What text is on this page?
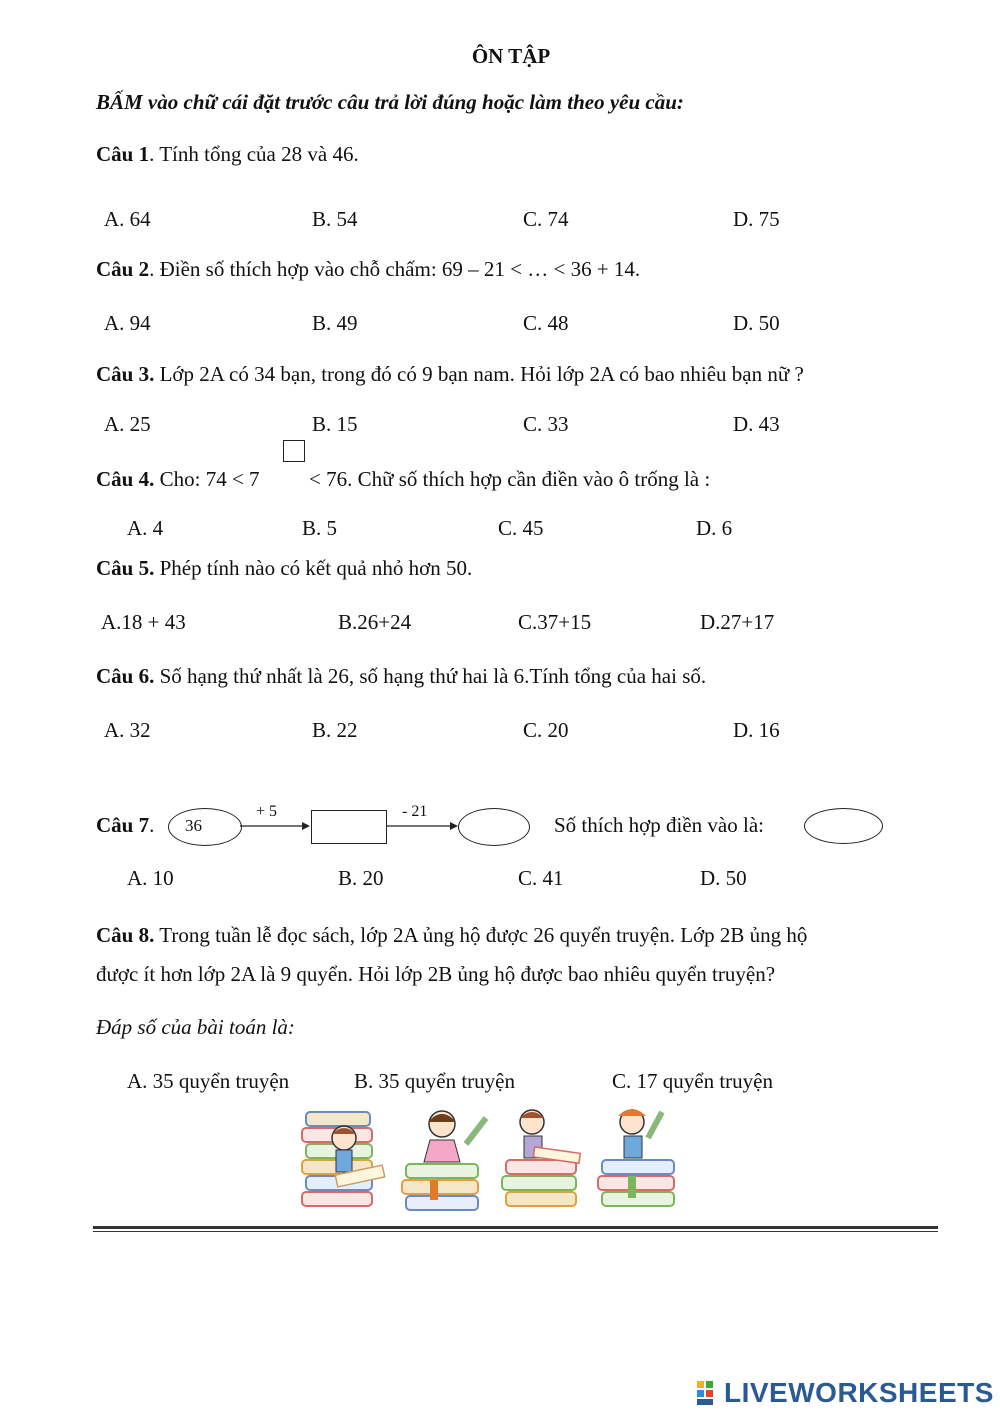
ÔN TẬP
BẤM vào chữ cái đặt trước câu trả lời đúng hoặc làm theo yêu cầu:
Câu 1. Tính tổng của 28 và 46.
A. 64	B. 54	C. 74	D. 75
Câu 2. Điền số thích hợp vào chỗ chấm: 69 – 21 < … < 36 + 14.
A. 94	B. 49	C. 48	D. 50
Câu 3. Lớp 2A có 34 bạn, trong đó có 9 bạn nam. Hỏi lớp 2A có bao nhiêu bạn nữ ?
A. 25	B. 15	C. 33	D. 43
Câu 4. Cho: 74 < 7 < 76. Chữ số thích hợp cần điền vào ô trống là :
A. 4	B. 5	C. 45	D. 6
Câu 5. Phép tính nào có kết quả nhỏ hơn 50.
A.18 + 43	B.26+24	C.37+15	D.27+17
Câu 6. Số hạng thứ nhất là 26, số hạng thứ hai là 6.Tính tổng của hai số.
A. 32	B. 22	C. 20	D. 16
Câu 7. 36
+ 5	- 21
Số thích hợp điền vào là:
A. 10	B. 20	C. 41	D. 50
Câu 8. Trong tuần lễ đọc sách, lớp 2A ủng hộ được 26 quyển truyện. Lớp 2B ủng hộ
được ít hơn lớp 2A là 9 quyển. Hỏi lớp 2B ủng hộ được bao nhiêu quyển truyện?
Đáp số của bài toán là:
A. 35 quyển truyện	B. 35 quyển truyện	C. 17 quyển truyện
LIVEWORKSHEETS
